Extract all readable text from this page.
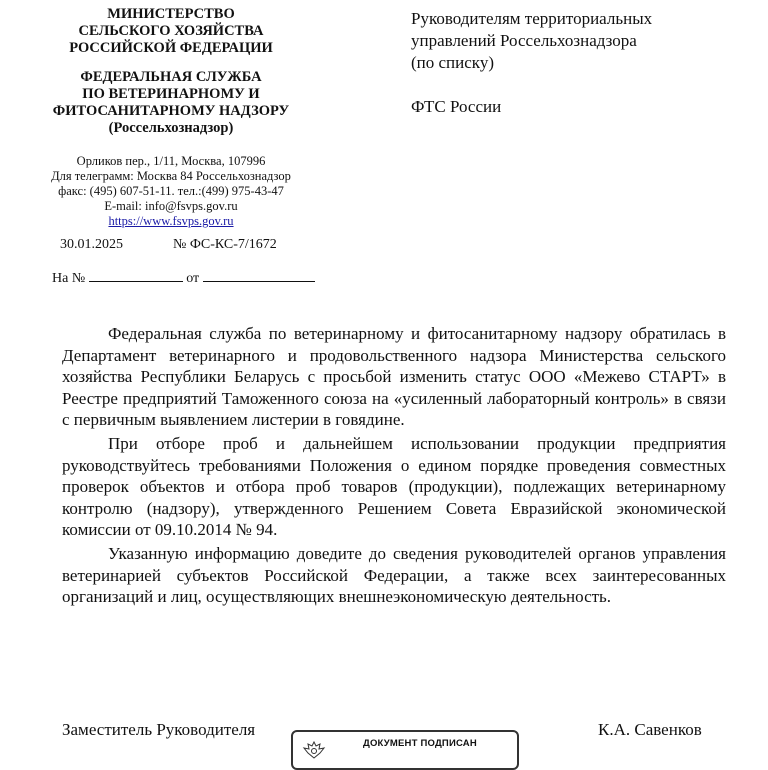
МИНИСТЕРСТВО
СЕЛЬСКОГО ХОЗЯЙСТВА
РОССИЙСКОЙ ФЕДЕРАЦИИ
ФЕДЕРАЛЬНАЯ СЛУЖБА
ПО ВЕТЕРИНАРНОМУ И
ФИТОСАНИТАРНОМУ НАДЗОРУ
(Россельхознадзор)
Орликов пер., 1/11, Москва, 107996
Для телеграмм: Москва 84 Россельхознадзор
факс: (495) 607-51-11. тел.:(499) 975-43-47
E-mail: info@fsvps.gov.ru
https://www.fsvps.gov.ru
30.01.2025	№ ФС-КС-7/1672
На №	от
Руководителям территориальных
управлений Россельхознадзора
(по списку)
ФТС России

Федеральная служба по ветеринарному и фитосанитарному надзору обратилась в Департамент ветеринарного и продовольственного надзора Министерства сельского хозяйства Республики Беларусь с просьбой изменить статус ООО «Межево СТАРТ» в Реестре предприятий Таможенного союза на «усиленный лабораторный контроль» в связи с первичным выявлением листерии в говядине.

При отборе проб и дальнейшем использовании продукции предприятия руководствуйтесь требованиями Положения о едином порядке проведения совместных проверок объектов и отбора проб товаров (продукции), подлежащих ветеринарному контролю (надзору), утвержденного Решением Совета Евразийской экономической комиссии от 09.10.2014 № 94.

Указанную информацию доведите до сведения руководителей органов управления ветеринарией субъектов Российской Федерации, а также всех заинтересованных организаций и лиц, осуществляющих внешнеэкономическую деятельность.

Заместитель Руководителя	К.А. Савенков
ДОКУМЕНТ ПОДПИСАН
